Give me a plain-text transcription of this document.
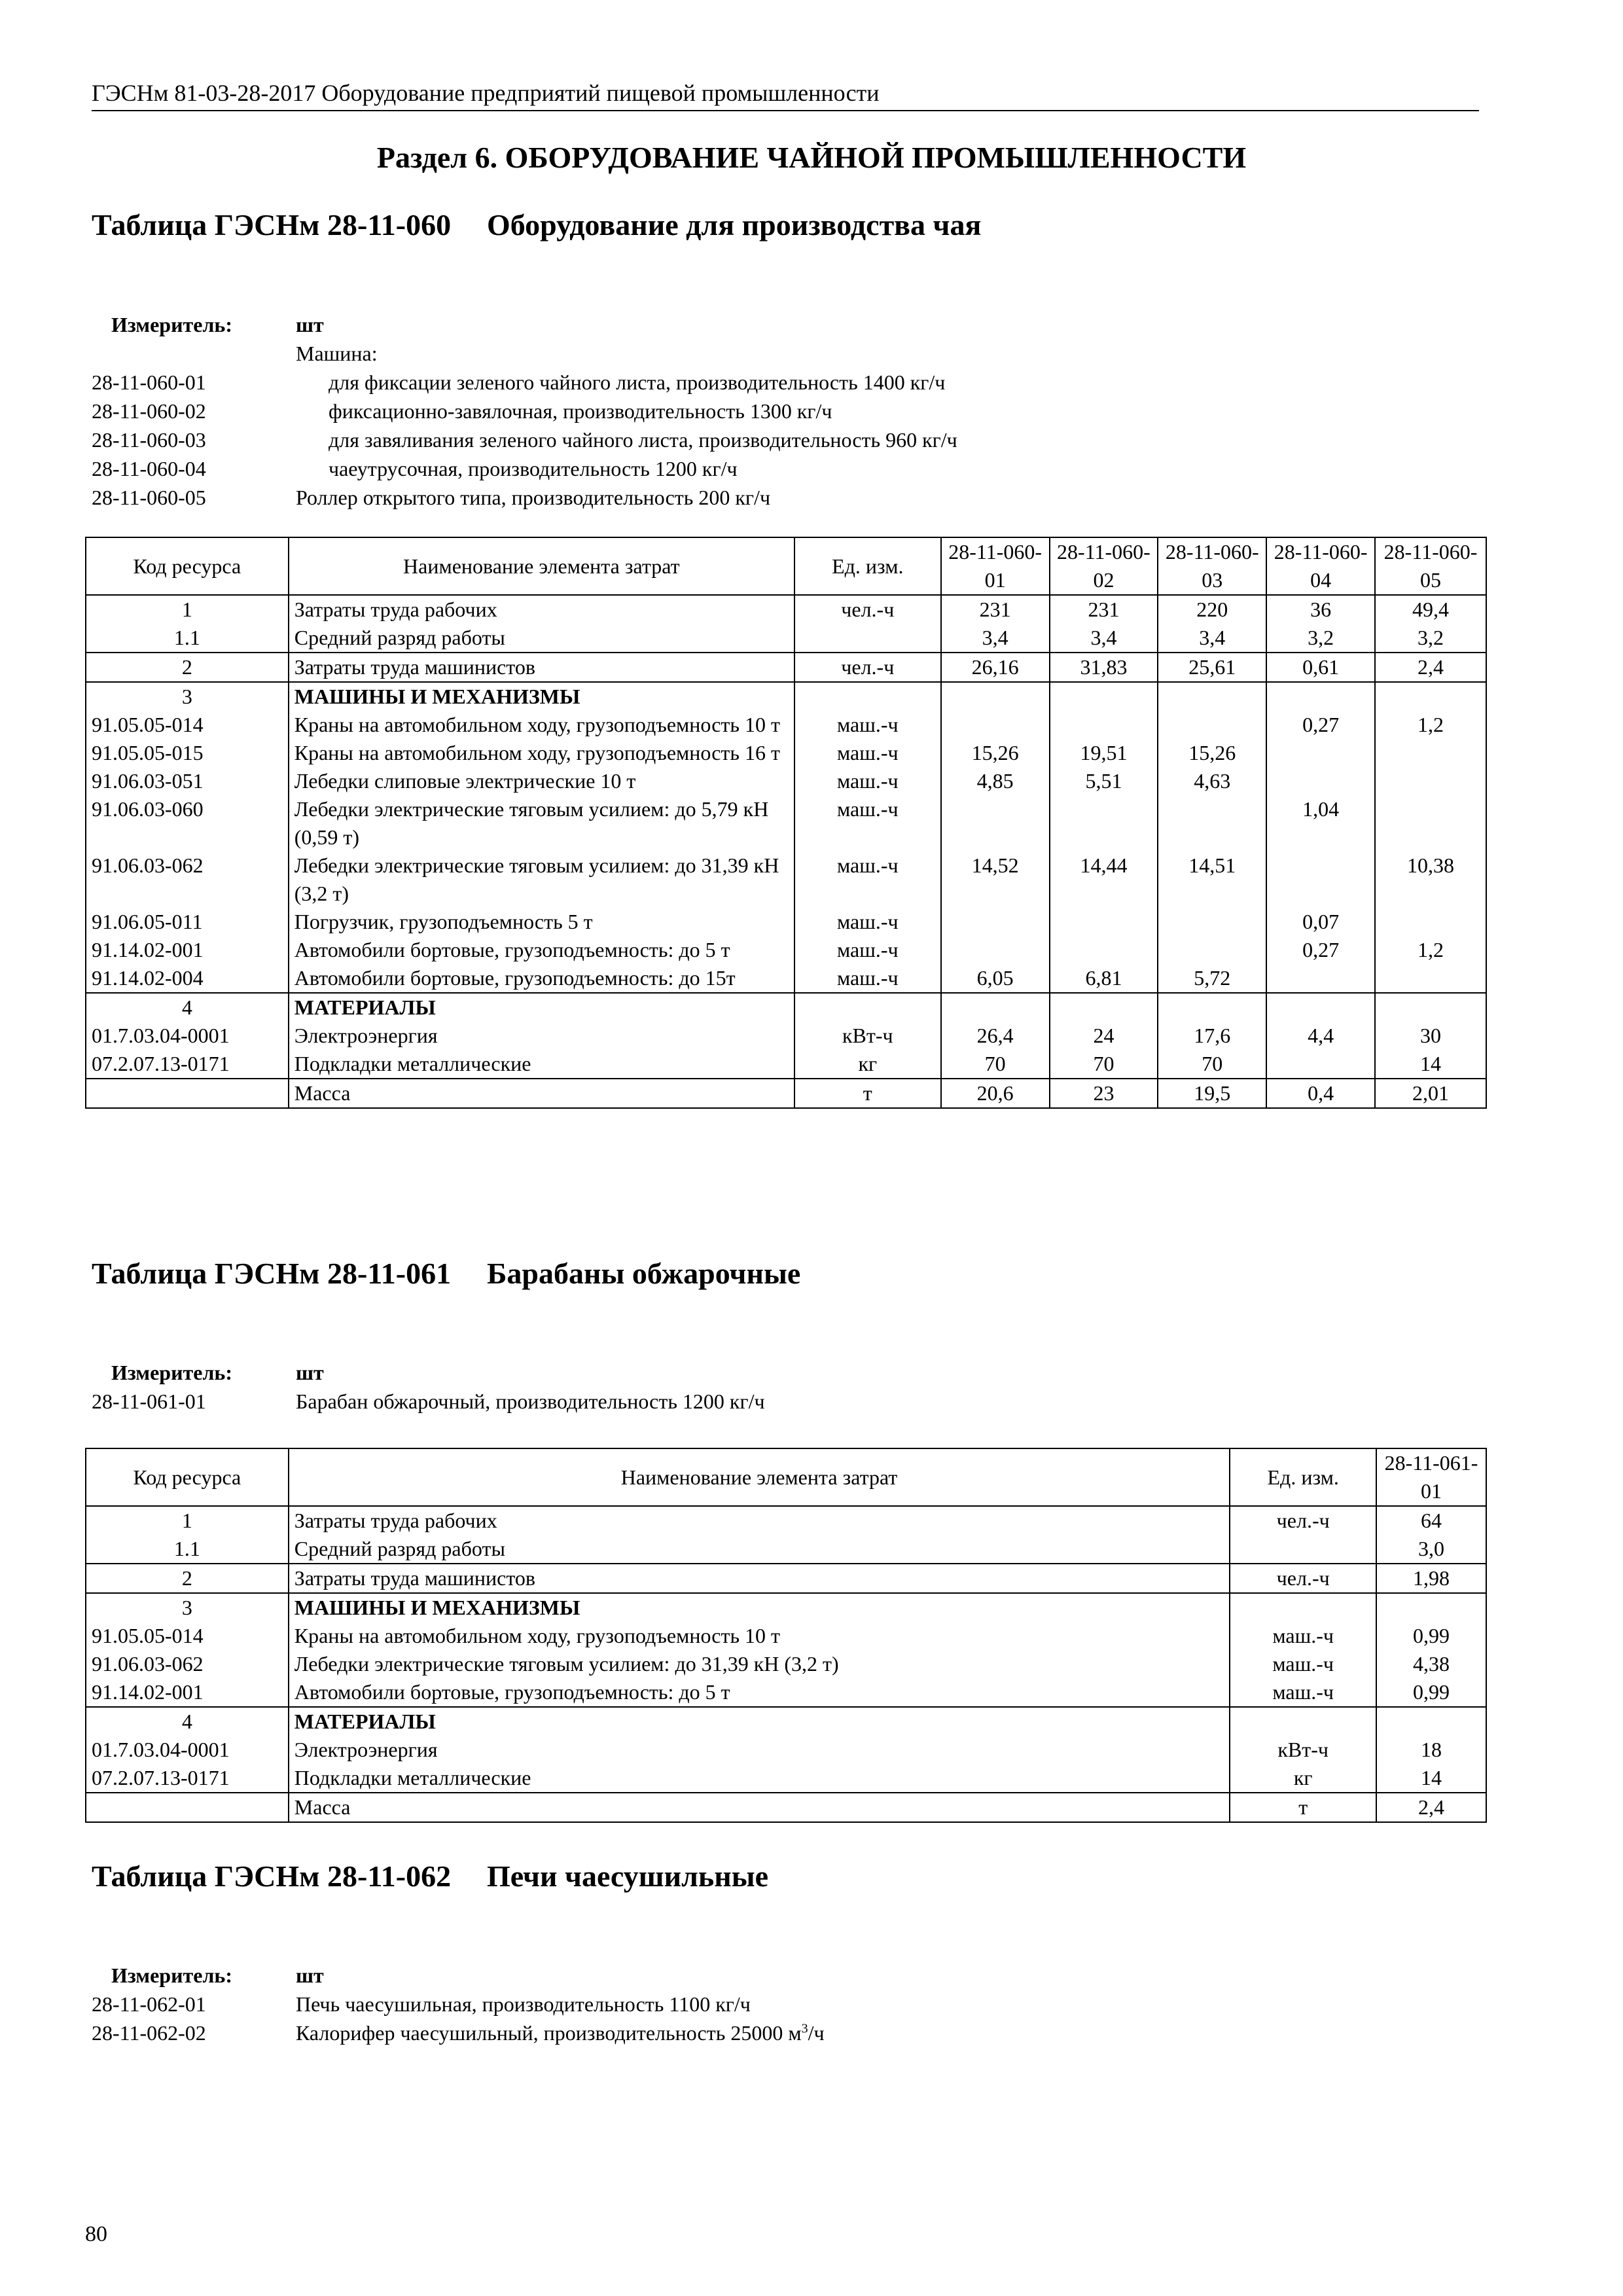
ГЭСНм 81-03-28-2017 Оборудование предприятий пищевой промышленности
Раздел 6. ОБОРУДОВАНИЕ ЧАЙНОЙ ПРОМЫШЛЕННОСТИ
Таблица ГЭСНм 28-11-060 Оборудование для производства чая
Измеритель:	шт
Машина:
28-11-060-01	для фиксации зеленого чайного листа, производительность 1400 кг/ч
28-11-060-02	фиксационно-завялочная, производительность 1300 кг/ч
28-11-060-03	для завяливания зеленого чайного листа, производительность 960 кг/ч
28-11-060-04	чаеутрусочная, производительность 1200 кг/ч
28-11-060-05	Роллер открытого типа, производительность 200 кг/ч
Код ресурса	Наименование элемента затрат	Ед. изм.	28-11-060-01	28-11-060-02	28-11-060-03	28-11-060-04	28-11-060-05
1	Затраты труда рабочих	чел.-ч	231	231	220	36	49,4
1.1	Средний разряд работы		3,4	3,4	3,4	3,2	3,2
2	Затраты труда машинистов	чел.-ч	26,16	31,83	25,61	0,61	2,4
3	МАШИНЫ И МЕХАНИЗМЫ						
91.05.05-014	Краны на автомобильном ходу, грузоподъемность 10 т	маш.-ч				0,27	1,2
91.05.05-015	Краны на автомобильном ходу, грузоподъемность 16 т	маш.-ч	15,26	19,51	15,26		
91.06.03-051	Лебедки слиповые электрические 10 т	маш.-ч	4,85	5,51	4,63		
91.06.03-060	Лебедки электрические тяговым усилием: до 5,79 кН (0,59 т)	маш.-ч				1,04	
91.06.03-062	Лебедки электрические тяговым усилием: до 31,39 кН (3,2 т)	маш.-ч	14,52	14,44	14,51		10,38
91.06.05-011	Погрузчик, грузоподъемность 5 т	маш.-ч				0,07	
91.14.02-001	Автомобили бортовые, грузоподъемность: до 5 т	маш.-ч				0,27	1,2
91.14.02-004	Автомобили бортовые, грузоподъемность: до 15т	маш.-ч	6,05	6,81	5,72		
4	МАТЕРИАЛЫ						
01.7.03.04-0001	Электроэнергия	кВт-ч	26,4	24	17,6	4,4	30
07.2.07.13-0171	Подкладки металлические	кг	70	70	70		14
	Масса	т	20,6	23	19,5	0,4	2,01
Таблица ГЭСНм 28-11-061 Барабаны обжарочные
Измеритель:	шт
28-11-061-01	Барабан обжарочный, производительность 1200 кг/ч
Код ресурса	Наименование элемента затрат	Ед. изм.	28-11-061-01
1	Затраты труда рабочих	чел.-ч	64
1.1	Средний разряд работы		3,0
2	Затраты труда машинистов	чел.-ч	1,98
3	МАШИНЫ И МЕХАНИЗМЫ		
91.05.05-014	Краны на автомобильном ходу, грузоподъемность 10 т	маш.-ч	0,99
91.06.03-062	Лебедки электрические тяговым усилием: до 31,39 кН (3,2 т)	маш.-ч	4,38
91.14.02-001	Автомобили бортовые, грузоподъемность: до 5 т	маш.-ч	0,99
4	МАТЕРИАЛЫ		
01.7.03.04-0001	Электроэнергия	кВт-ч	18
07.2.07.13-0171	Подкладки металлические	кг	14
	Масса	т	2,4
Таблица ГЭСНм 28-11-062 Печи чаесушильные
Измеритель:	шт
28-11-062-01	Печь чаесушильная, производительность 1100 кг/ч
28-11-062-02	Калорифер чаесушильный, производительность 25000 $м^3/ч$
80
